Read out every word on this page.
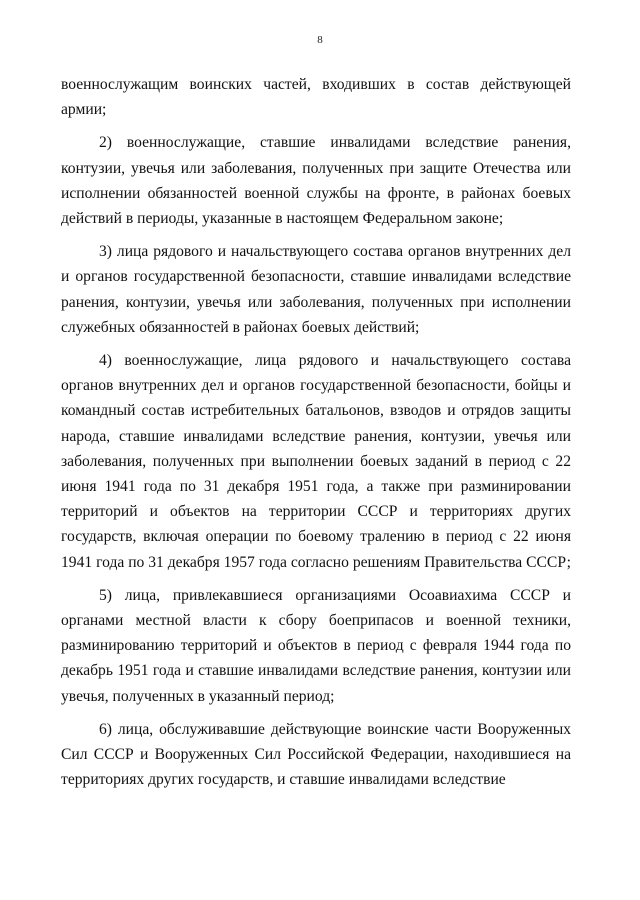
8

военнослужащим воинских частей, входивших в состав действующей армии;

2) военнослужащие, ставшие инвалидами вследствие ранения, контузии, увечья или заболевания, полученных при защите Отечества или исполнении обязанностей военной службы на фронте, в районах боевых действий в периоды, указанные в настоящем Федеральном законе;

3) лица рядового и начальствующего состава органов внутренних дел и органов государственной безопасности, ставшие инвалидами вследствие ранения, контузии, увечья или заболевания, полученных при исполнении служебных обязанностей в районах боевых действий;

4) военнослужащие, лица рядового и начальствующего состава органов внутренних дел и органов государственной безопасности, бойцы и командный состав истребительных батальонов, взводов и отрядов защиты народа, ставшие инвалидами вследствие ранения, контузии, увечья или заболевания, полученных при выполнении боевых заданий в период с 22 июня 1941 года по 31 декабря 1951 года, а также при разминировании территорий и объектов на территории СССР и территориях других государств, включая операции по боевому тралению в период с 22 июня 1941 года по 31 декабря 1957 года согласно решениям Правительства СССР;

5) лица, привлекавшиеся организациями Осоавиахима СССР и органами местной власти к сбору боеприпасов и военной техники, разминированию территорий и объектов в период с февраля 1944 года по декабрь 1951 года и ставшие инвалидами вследствие ранения, контузии или увечья, полученных в указанный период;

6) лица, обслуживавшие действующие воинские части Вооруженных Сил СССР и Вооруженных Сил Российской Федерации, находившиеся на территориях других государств, и ставшие инвалидами вследствие
